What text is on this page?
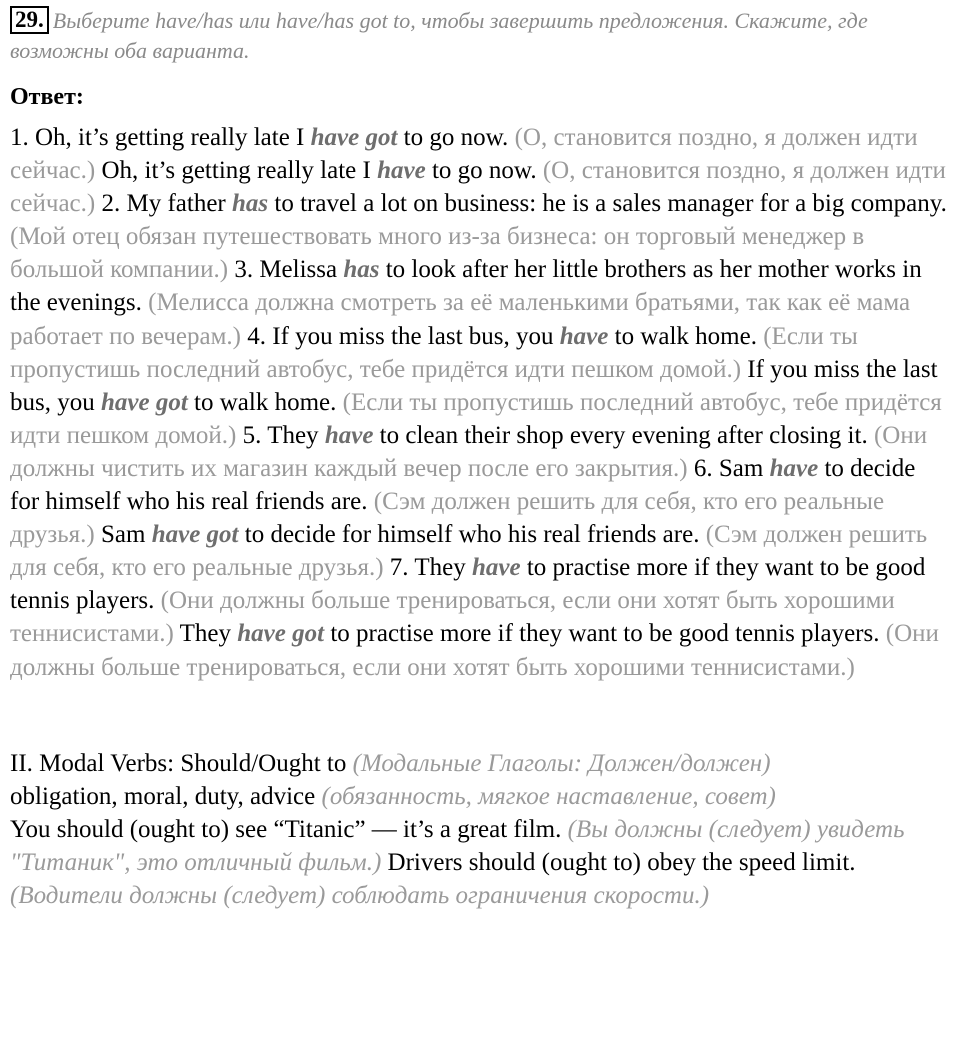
29. Выберите have/has или have/has got to, чтобы завершить предложения. Скажите, где возможны оба варианта.
Ответ:
1. Oh, it’s getting really late I have got to go now. (О, становится поздно, я должен идти сейчас.) Oh, it’s getting really late I have to go now. (О, становится поздно, я должен идти сейчас.) 2. My father has to travel a lot on business: he is a sales manager for a big company. (Мой отец обязан путешествовать много из-за бизнеса: он торговый менеджер в большой компании.) 3. Melissa has to look after her little brothers as her mother works in the evenings. (Мелисса должна смотреть за её маленькими братьями, так как её мама работает по вечерам.) 4. If you miss the last bus, you have to walk home. (Если ты пропустишь последний автобус, тебе придётся идти пешком домой.) If you miss the last bus, you have got to walk home. (Если ты пропустишь последний автобус, тебе придётся идти пешком домой.) 5. They have to clean their shop every evening after closing it. (Они должны чистить их магазин каждый вечер после его закрытия.) 6. Sam have to decide for himself who his real friends are. (Сэм должен решить для себя, кто его реальные друзья.) Sam have got to decide for himself who his real friends are. (Сэм должен решить для себя, кто его реальные друзья.) 7. They have to practise more if they want to be good tennis players. (Они должны больше тренироваться, если они хотят быть хорошими теннисистами.) They have got to practise more if they want to be good tennis players. (Они должны больше тренироваться, если они хотят быть хорошими теннисистами.)
II. Modal Verbs: Should/Ought to (Модальные Глаголы: Должен/должен)
obligation, moral, duty, advice (обязанность, мягкое наставление, совет)
You should (ought to) see “Titanic” — it’s a great film. (Вы должны (следует) увидеть "Титаник", это отличный фильм.) Drivers should (ought to) obey the speed limit. (Водители должны (следует) соблюдать ограничения скорости.)
